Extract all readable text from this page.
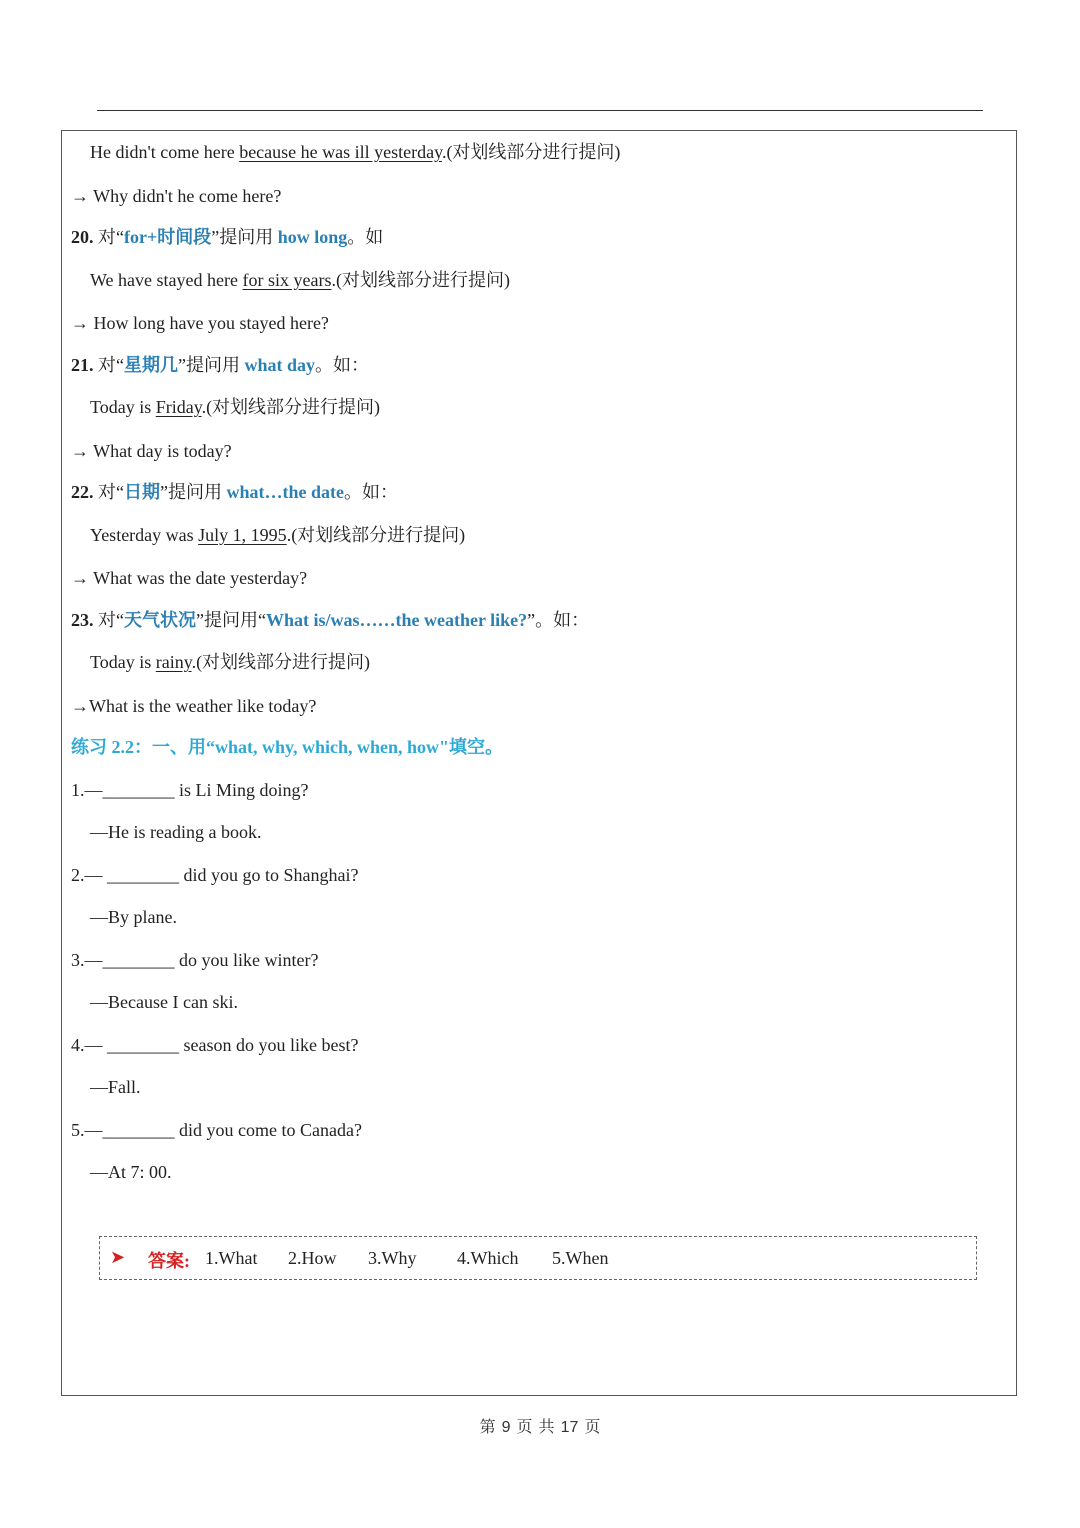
He didn't come here because he was ill yesterday.(对划线部分进行提问)
→ Why didn't he come here?
20. 对“for+时间段”提问用 how long。如
We have stayed here for six years.(对划线部分进行提问)
→ How long have you stayed here?
21. 对“星期几”提问用 what day。如：
Today is Friday.(对划线部分进行提问)
→ What day is today?
22. 对“日期”提问用 what…the date。如：
Yesterday was July 1, 1995.(对划线部分进行提问)
→ What was the date yesterday?
23. 对“天气状况”提问用“What is/was……the weather like?”。如：
Today is rainy.(对划线部分进行提问)
→What is the weather like today?
练习 2.2：一、用“what, why, which, when, how"填空。
1.—________ is Li Ming doing?
—He is reading a book.
2.— ________ did you go to Shanghai?
—By plane.
3.—________ do you like winter?
—Because I can ski.
4.— ________ season do you like best?
—Fall.
5.—________ did you come to Canada?
—At 7: 00.
➤ 答案: 1.What 2.How 3.Why 4.Which 5.When
第 9 页 共 17 页
